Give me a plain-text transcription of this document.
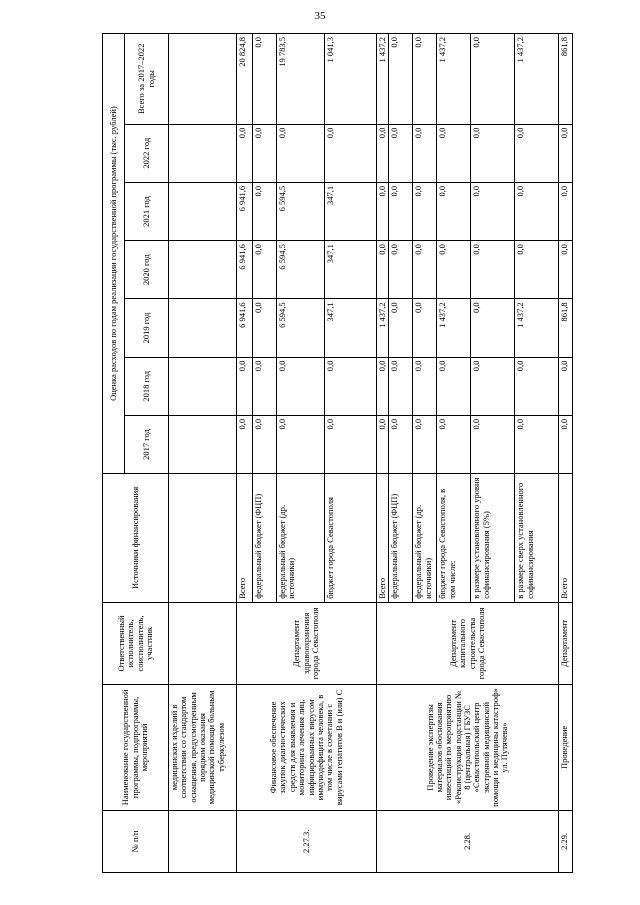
35
№ п/п	Наименование государственной программы, подпрограммы, мероприятий	Ответственный исполнитель, соисполнитель, участник	Источники финансирования	Оценка расходов по годам реализации государственной программы (тыс. рублей)						
				2017 год	2018 год	2019 год	2020 год	2021 год	2022 год	Всего за 2017–2022 годы
	медицинских изделий в соответствии со стандартом оснащения, предусмотренным порядком оказания медицинской помощи больным туберкулезом									
2.27.3.	Финансовое обеспечение закупок диагностических средств для выявления и мониторинга лечения лиц, инфицированных вирусом иммунодефицита человека, в том числе в сочетании с вирусами гепатитов B и (или) C	Департамент здравоохранения города Севастополя	Всего	0,0	0,0	6 941,6	6 941,6	6 941,6	0,0	20 824,8
			федеральный бюджет (ФЦП)	0,0	0,0	0,0	0,0	0,0	0,0	0,0
			федеральный бюджет (др. источники)	0,0	0,0	6 594,5	6 594,5	6 594,5	0,0	19 783,5
			бюджет города Севастополя	0,0	0,0	347,1	347,1	347,1	0,0	1 041,3
2.28.	Проведение экспертизы материалов обоснования инвестиций по мероприятию «Реконструкция подстанции № 8 (центральная) ГБУЗС «Севастопольский центр экстренной медицинской помощи и медицины катастроф» ул. Путячева»	Департамент капитального строительства города Севастополя	Всего	0,0	0,0	1 437,2	0,0	0,0	0,0	1 437,2
			федеральный бюджет (ФЦП)	0,0	0,0	0,0	0,0	0,0	0,0	0,0
			федеральный бюджет (др. источники)	0,0	0,0	0,0	0,0	0,0	0,0	0,0
			бюджет города Севастополя, в том числе:	0,0	0,0	1 437,2	0,0	0,0	0,0	1 437,2
			в размере установленного уровня софинансирования (5%)	0,0	0,0	0,0	0,0	0,0	0,0	0,0
			в размере сверх установленного софинансирования	0,0	0,0	1 437,2	0,0	0,0	0,0	1 437,2
2.29.	Проведение	Департамент	Всего	0,0	0,0	861,8	0,0	0,0	0,0	861,8
